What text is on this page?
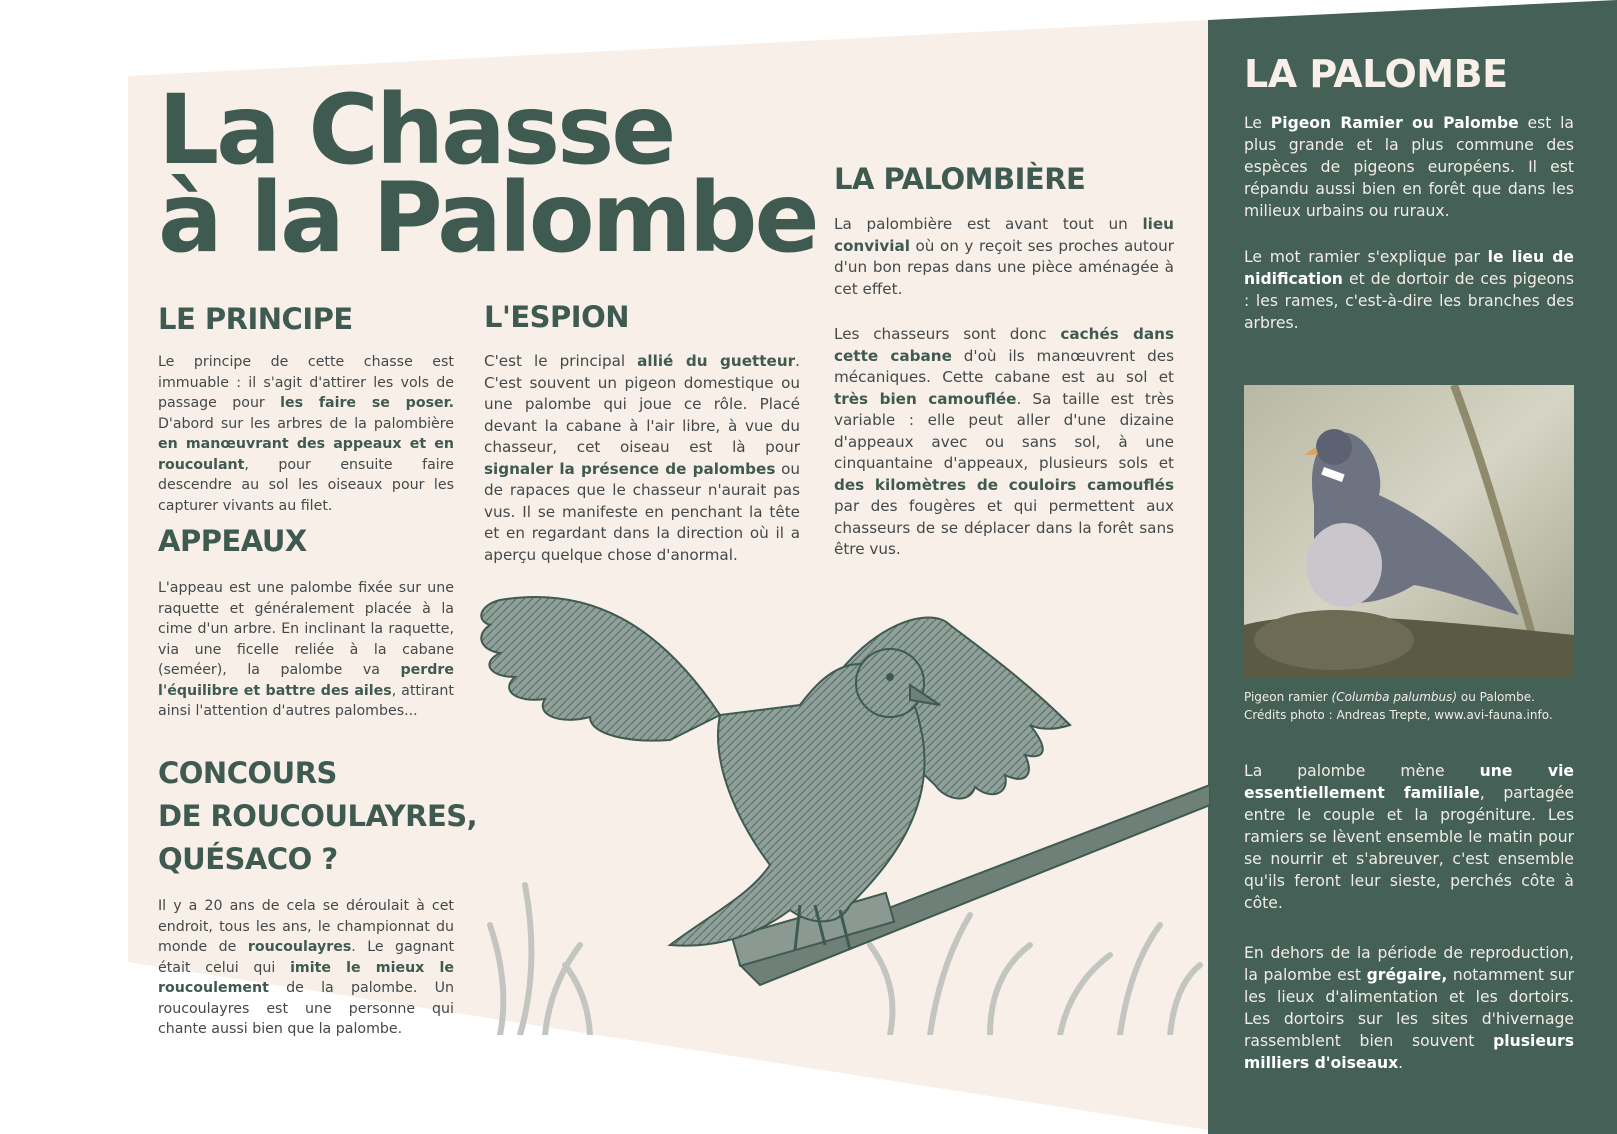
La Chasse
à la Palombe
LE PRINCIPE

Le principe de cette chasse est immuable : il s'agit d'attirer les vols de passage pour les faire se poser. D'abord sur les arbres de la palombière en manœuvrant des appeaux et en roucoulant, pour ensuite faire descendre au sol les oiseaux pour les capturer vivants au filet.

APPEAUX

L'appeau est une palombe fixée sur une raquette et généralement placée à la cime d'un arbre. En inclinant la raquette, via une ficelle reliée à la cabane (seméer), la palombe va perdre l'équilibre et battre des ailes, attirant ainsi l'attention d'autres palombes...

CONCOURS
DE ROUCOULAYRES,
QUÉSACO ?

Il y a 20 ans de cela se déroulait à cet endroit, tous les ans, le championnat du monde de roucoulayres. Le gagnant était celui qui imite le mieux le roucoulement de la palombe. Un roucoulayres est une personne qui chante aussi bien que la palombe.

L'ESPION

C'est le principal allié du guetteur. C'est souvent un pigeon domestique ou une palombe qui joue ce rôle. Placé devant la cabane à l'air libre, à vue du chasseur, cet oiseau est là pour signaler la présence de palombes ou de rapaces que le chasseur n'aurait pas vus. Il se manifeste en penchant la tête et en regardant dans la direction où il a aperçu quelque chose d'anormal.

LA PALOMBIÈRE

La palombière est avant tout un lieu convivial où on y reçoit ses proches autour d'un bon repas dans une pièce aménagée à cet effet.

Les chasseurs sont donc cachés dans cette cabane d'où ils manœuvrent des mécaniques. Cette cabane est au sol et très bien camouflée. Sa taille est très variable : elle peut aller d'une dizaine d'appeaux avec ou sans sol, à une cinquantaine d'appeaux, plusieurs sols et des kilomètres de couloirs camouflés par des fougères et qui permettent aux chasseurs de se déplacer dans la forêt sans être vus.

LA PALOMBE

Le Pigeon Ramier ou Palombe est la plus grande et la plus commune des espèces de pigeons européens. Il est répandu aussi bien en forêt que dans les milieux urbains ou ruraux.

Le mot ramier s'explique par le lieu de nidification et de dortoir de ces pigeons : les rames, c'est-à-dire les branches des arbres.

Pigeon ramier (Columba palumbus) ou Palombe.
Crédits photo : Andreas Trepte, www.avi-fauna.info.

La palombe mène une vie essentiellement familiale, partagée entre le couple et la progéniture. Les ramiers se lèvent ensemble le matin pour se nourrir et s'abreuver, c'est ensemble qu'ils feront leur sieste, perchés côte à côte.

En dehors de la période de reproduction, la palombe est grégaire, notamment sur les lieux d'alimentation et les dortoirs. Les dortoirs sur les sites d'hivernage rassemblent bien souvent plusieurs milliers d'oiseaux.
